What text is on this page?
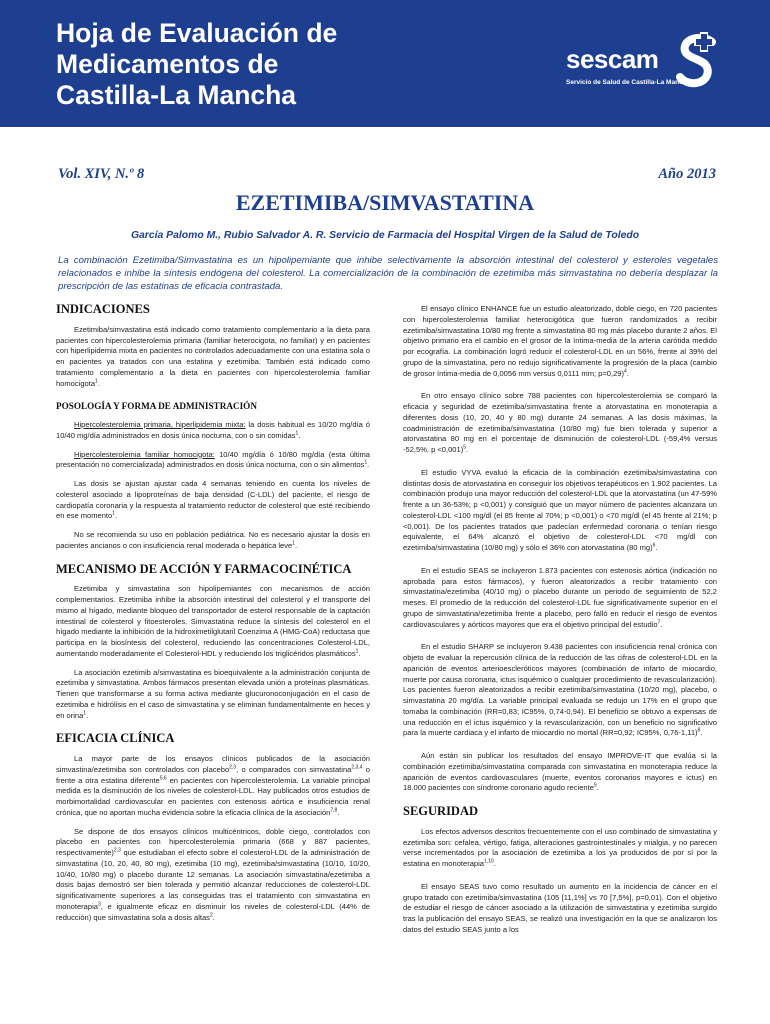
Hoja de Evaluación de
Medicamentos de
Castilla-La Mancha
sescam
Servicio de Salud de Castilla-La Mancha
Vol. XIV, N.º 8	Año 2013
EZETIMIBA/SIMVASTATINA
García Palomo M., Rubio Salvador A. R. Servicio de Farmacia del Hospital Virgen de la Salud de Toledo
La combinación Ezetimiba/Simvastatina es un hipolipemiante que inhibe selectivamente la absorción intestinal del colesterol y esteroles vegetales relacionados e inhibe la síntesis endógena del colesterol. La comercialización de la combinación de ezetimiba más simvastatina no debería desplazar la prescripción de las estatinas de eficacia contrastada.
INDICACIONES

Ezetimiba/simvastatina está indicado como tratamiento complementario a la dieta para pacientes con hipercolesterolemia primaria (familiar heterocigota, no familiar) y en pacientes con hiperlipidemia mixta en pacientes no controlados adecuadamente con una estatina sola o en pacientes ya tratados con una estatina y ezetimiba. También está indicado como tratamiento complementario a la dieta en pacientes con hipercolesterolemia familiar homocigota$^1$.

POSOLOGÍA Y FORMA DE ADMINISTRACIÓN

Hipercolesterolemia primaria, hiperlipidemia mixta: la dosis habitual es 10/20 mg/día ó 10/40 mg/día administrados en dosis única nocturna, con o sin comidas$^1$.

Hipercolesterolemia familiar homocigota: 10/40 mg/día ó 10/80 mg/día (esta última presentación no comercializada) administrados en dosis única nocturna, con o sin alimentos$^1$.

Las dosis se ajustan ajustar cada 4 semanas teniendo en cuenta los niveles de colesterol asociado a lipoproteínas de baja densidad (C-LDL) del paciente, el riesgo de cardiopatía coronaria y la respuesta al tratamiento reductor de colesterol que esté recibiendo en ese momento$^1$.

No se recomienda su uso en población pediátrica. No es necesario ajustar la dosis en pacientes ancianos o con insuficiencia renal moderada o hepática leve$^1$.

MECANISMO DE ACCIÓN Y FARMACOCINÉTICA

Ezetimiba y simvastatina son hipolipemiantes con mecanismos de acción complementarios. Ezetimiba inhibe la absorción intestinal del colesterol y el transporte del mismo al hígado, mediante bloqueo del transportador de esterol responsable de la captación intestinal de colesterol y fitoesteroles. Simvastatina reduce la síntesis del colesterol en el hígado mediante la inhibición de la hidroximetilglutaril Coenzima A (HMG-CoA) reductasa que participa en la biosíntesis del colesterol, reduciendo las concentraciones Colesterol-LDL, aumentando moderadamente el Colesterol-HDL y reduciendo los triglicéridos plasmáticos$^1$.

La asociación ezetimib a/simvastatina es bioequivalente a la administración conjunta de ezetimiba y simvastatina. Ambos fármacos presentan elevada unión a proteínas plasmáticas. Tienen que transformarse a su forma activa mediante glucuronoconjugación en el caso de ezetimiba e hidrólisis en el caso de simvastatina y se eliminan fundamentalmente en heces y en orina$^1$.

EFICACIA CLÍNICA

La mayor parte de los ensayos clínicos publicados de la asociación simvastina/ezetimiba son controlados con placebo$^{2,3}$, o comparados con simvastatina$^{2,3,4}$ o frente a otra estatina diferente$^{5,6}$ en pacientes con hipercolesterolemia. La variable principal medida es la disminución de los niveles de colesterol-LDL. Hay publicados otros estudios de morbimortalidad cardiovascular en pacientes con estenosis aórtica e insuficiencia renal crónica, que no aportan mucha evidencia sobre la eficacia clínica de la asociación$^{7,8}$.

Se dispone de dos ensayos clínicos multicéntricos, doble ciego, controlados con placebo en pacientes con hipercolesterolemia primaria (668 y 887 pacientes, respectivamente)$^{2,3}$ que estudiaban el efecto sobre el colesterol-LDL de la administración de simvastatina (10, 20, 40, 80 mg), ezetimiba (10 mg), ezetimiba/simvastatina (10/10, 10/20, 10/40, 10/80 mg) o placebo durante 12 semanas. La asociación simvastatina/ezetimiba a dosis bajas demostró ser bien tolerada y permitió alcanzar reducciones de colesterol-LDL significativamente superiores a las conseguidas tras el tratamiento con simvastatina en monoterapia$^3$, e igualmente eficaz en disminuir los niveles de colesterol-LDL (44% de reducción) que simvastatina sola a dosis altas$^2$.

El ensayo clínico ENHANCE fue un estudio aleatorizado, doble ciego, en 720 pacientes con hipercolesterolemia familiar heterocigótica que fueron randomizados a recibir ezetimiba/simvastatina 10/80 mg frente a simvastatina 80 mg más placebo durante 2 años. El objetivo primario era el cambio en el grosor de la íntima-media de la arteria carótida medido por ecografía. La combinación logró reducir el colesterol-LDL en un 56%, frente al 39% del grupo de la simvastatina, pero no redujo significativamente la progresión de la placa (cambio de grosor íntima-media de 0,0056 mm versus 0,0111 mm; p=0,29)$^4$.

En otro ensayo clínico sobre 788 pacientes con hipercolesterolemia se comparó la eficacia y seguridad de ezetimiba/simvastatina frente a atorvastatina en monoterapia a diferentes dosis (10, 20, 40 y 80 mg) durante 24 semanas. A las dosis máximas, la coadministración de ezetimiba/simvastatina (10/80 mg) fue bien tolerada y superior a atorvastatina 80 mg en el porcentaje de disminución de colesterol-LDL (-59,4% versus -52,5%, p <0,001)$^5$.

El estudio VYVA evaluó la eficacia de la combinación ezetimiba/simvastatina con distintas dosis de atorvastatina en conseguir los objetivos terapéuticos en 1.902 pacientes. La combinación produjo una mayor reducción del colesterol-LDL que la atorvastatina (un 47-59% frente a un 36-53%; p <0,001) y consiguió que un mayor número de pacientes alcanzara un colesterol-LDL <100 mg/dl (el 85 frente al 70%; p <0,001) o <70 mg/dl (el 45 frente al 21%; p <0,001). De los pacientes tratados que padecían enfermedad coronaria o tenían riesgo equivalente, el 64% alcanzó el objetivo de colesterol-LDL <70 mg/dl con ezetimiba/simvastatina (10/80 mg) y sólo el 36% con atorvastatina (80 mg)$^6$.

En el estudio SEAS se incluyeron 1.873 pacientes con estenosis aórtica (indicación no aprobada para estos fármacos), y fueron aleatorizados a recibir tratamiento con simvastatina/ezetimiba (40/10 mg) o placebo durante un periodo de seguimiento de 52,2 meses. El promedio de la reducción del colesterol-LDL fue significativamente superior en el grupo de simvastatina/ezetimiba frente a placebo, pero falló en reducir el riesgo de eventos cardiovasculares y aórticos mayores que era el objetivo principal del estudio$^7$.

En el estudio SHARP se incluyeron 9.438 pacientes con insuficiencia renal crónica con objeto de evaluar la repercusión clínica de la reducción de las cifras de colesterol-LDL en la aparición de eventos arterioescleróticos mayores (combinación de infarto de miocardio, muerte por causa coronaria, ictus isquémico o cualquier procedimiento de revascularización). Los pacientes fueron aleatorizados a recibir ezetimiba/simvastatina (10/20 mg), placebo, o simvastatina 20 mg/día. La variable principal evaluada se redujo un 17% en el grupo que tomaba la combinación (RR=0,83; IC95%, 0,74-0,94). El beneficio se obtuvo a expensas de una reducción en el ictus isquémico y la revascularización, con un beneficio no significativo para la muerte cardiaca y el infarto de miocardio no mortal (RR=0,92; IC95%, 0,76-1,11)$^8$.

Aún están sin publicar los resultados del ensayo IMPROVE-IT que evalúa si la combinación ezetimiba/simvastatina comparada con simvastatina en monoterapia reduce la aparición de eventos cardiovasculares (muerte, eventos coronarios mayores e ictus) en 18.000 pacientes con síndrome coronario agudo reciente$^9$.

SEGURIDAD

Los efectos adversos descritos frecuentemente con el uso combinado de simvastatina y ezetimiba son: cefalea, vértigo, fatiga, alteraciones gastrointestinales y mialgia, y no parecen verse incrementados por la asociación de ezetimiba a los ya producidos de por sí por la estatina en monoterapia$^{1,10}$.

El ensayo SEAS tuvo como resultado un aumento en la incidencia de cáncer en el grupo tratado con ezetimiba/simvastatina (105 [11,1%] vs 70 [7,5%], p=0,01). Con el objetivo de estudiar el riesgo de cáncer asociado a la utilización de simvastatina y ezetimiba surgido tras la publicación del ensayo SEAS, se realizó una investigación en la que se analizaron los datos del estudio SEAS junto a los
